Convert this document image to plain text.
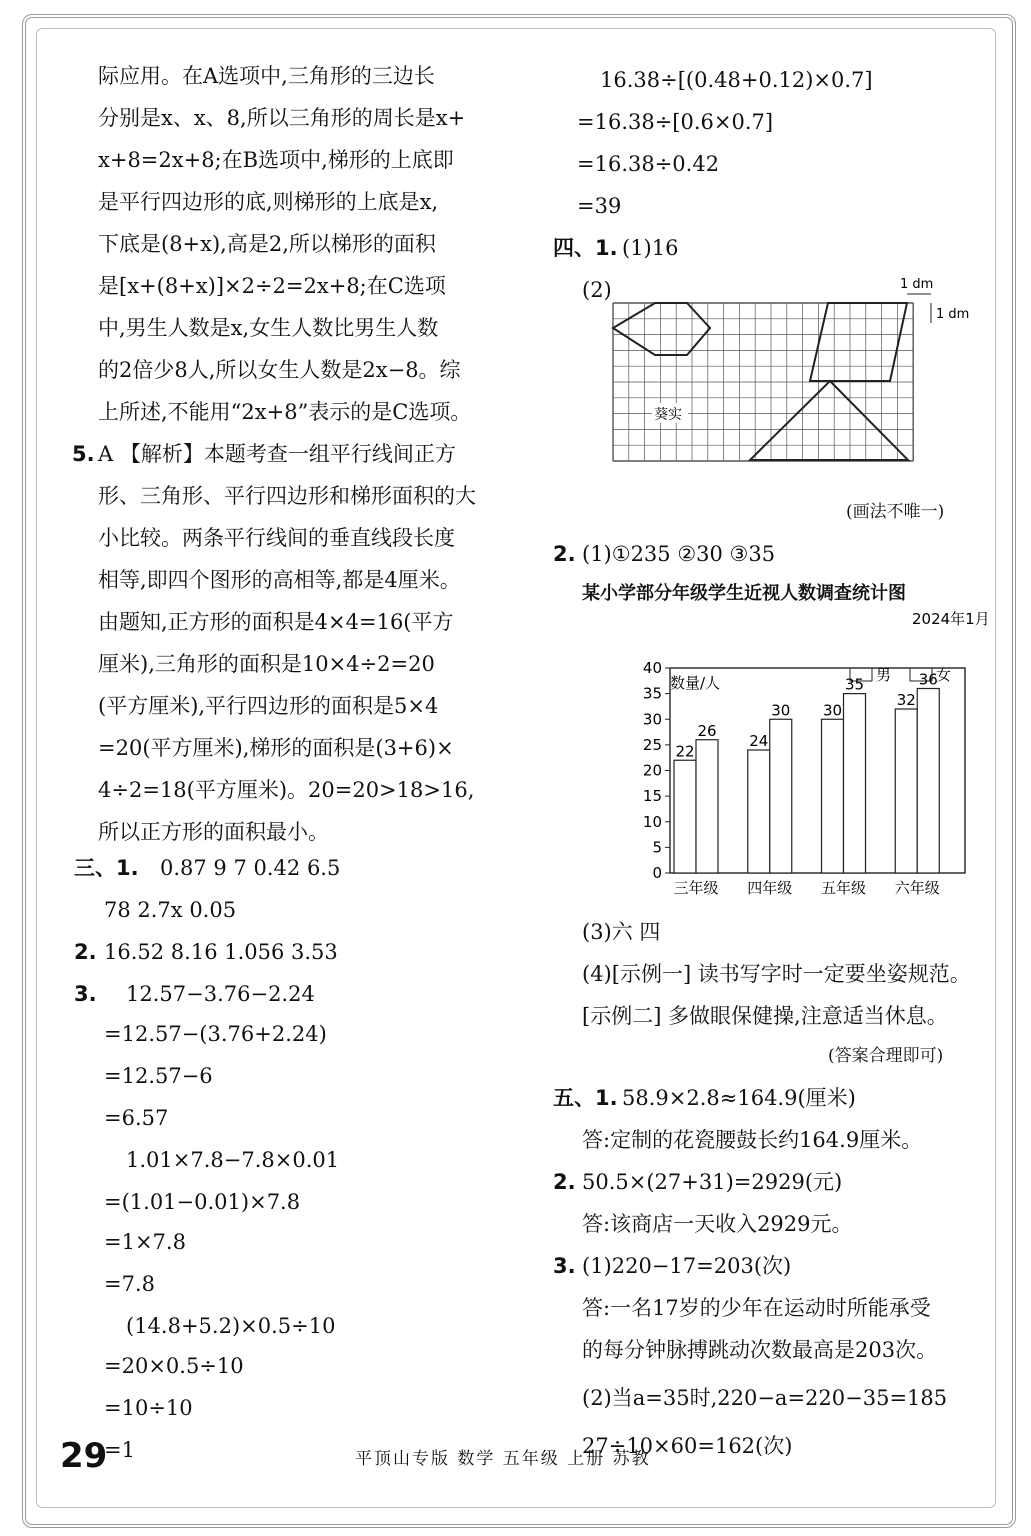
际应用。在A选项中,三角形的三边长
分别是x、x、8,所以三角形的周长是x+
x+8=2x+8;在B选项中,梯形的上底即
是平行四边形的底,则梯形的上底是x,
下底是(8+x),高是2,所以梯形的面积
是[x+(8+x)]×2÷2=2x+8;在C选项
中,男生人数是x,女生人数比男生人数
的2倍少8人,所以女生人数是2x−8。综
上所述,不能用“2x+8”表示的是C选项。
5. A 【解析】本题考查一组平行线间正方
形、三角形、平行四边形和梯形面积的大
小比较。两条平行线间的垂直线段长度
相等,即四个图形的高相等,都是4厘米。
由题知,正方形的面积是4×4=16(平方
厘米),三角形的面积是10×4÷2=20
(平方厘米),平行四边形的面积是5×4
=20(平方厘米),梯形的面积是(3+6)×
4÷2=18(平方厘米)。20=20>18>16,
所以正方形的面积最小。
三、1. 0.87 9 7 0.42 6.5
78 2.7x 0.05
2. 16.52 8.16 1.056 3.53
3. 12.57−3.76−2.24
=12.57−(3.76+2.24)
=12.57−6
=6.57
1.01×7.8−7.8×0.01
=(1.01−0.01)×7.8
=1×7.8
=7.8
(14.8+5.2)×0.5÷10
=20×0.5÷10
=10÷10
=1
16.38÷[(0.48+0.12)×0.7]
=16.38÷[0.6×0.7]
=16.38÷0.42
=39
四、1. (1)16
(2)
葵实
1 dm
1 dm
(画法不唯一)
2. (1)①235 ②30 ③35
某小学部分年级学生近视人数调查统计图
2024年1月
数量/人	男	女
0
5
10
15
20
25
30
35
40
22
26
三年级
24
30
四年级
30
35
五年级
32
36
六年级
(3)六 四
(4)[示例一] 读书写字时一定要坐姿规范。
[示例二] 多做眼保健操,注意适当休息。
(答案合理即可)
五、1. 58.9×2.8≈164.9(厘米)
答:定制的花瓷腰鼓长约164.9厘米。
2. 50.5×(27+31)=2929(元)
答:该商店一天收入2929元。
3. (1)220−17=203(次)
答:一名17岁的少年在运动时所能承受
的每分钟脉搏跳动次数最高是203次。
(2)当a=35时,220−a=220−35=185
27÷10×60=162(次)
29	平顶山专版 数学 五年级 上册 苏教
